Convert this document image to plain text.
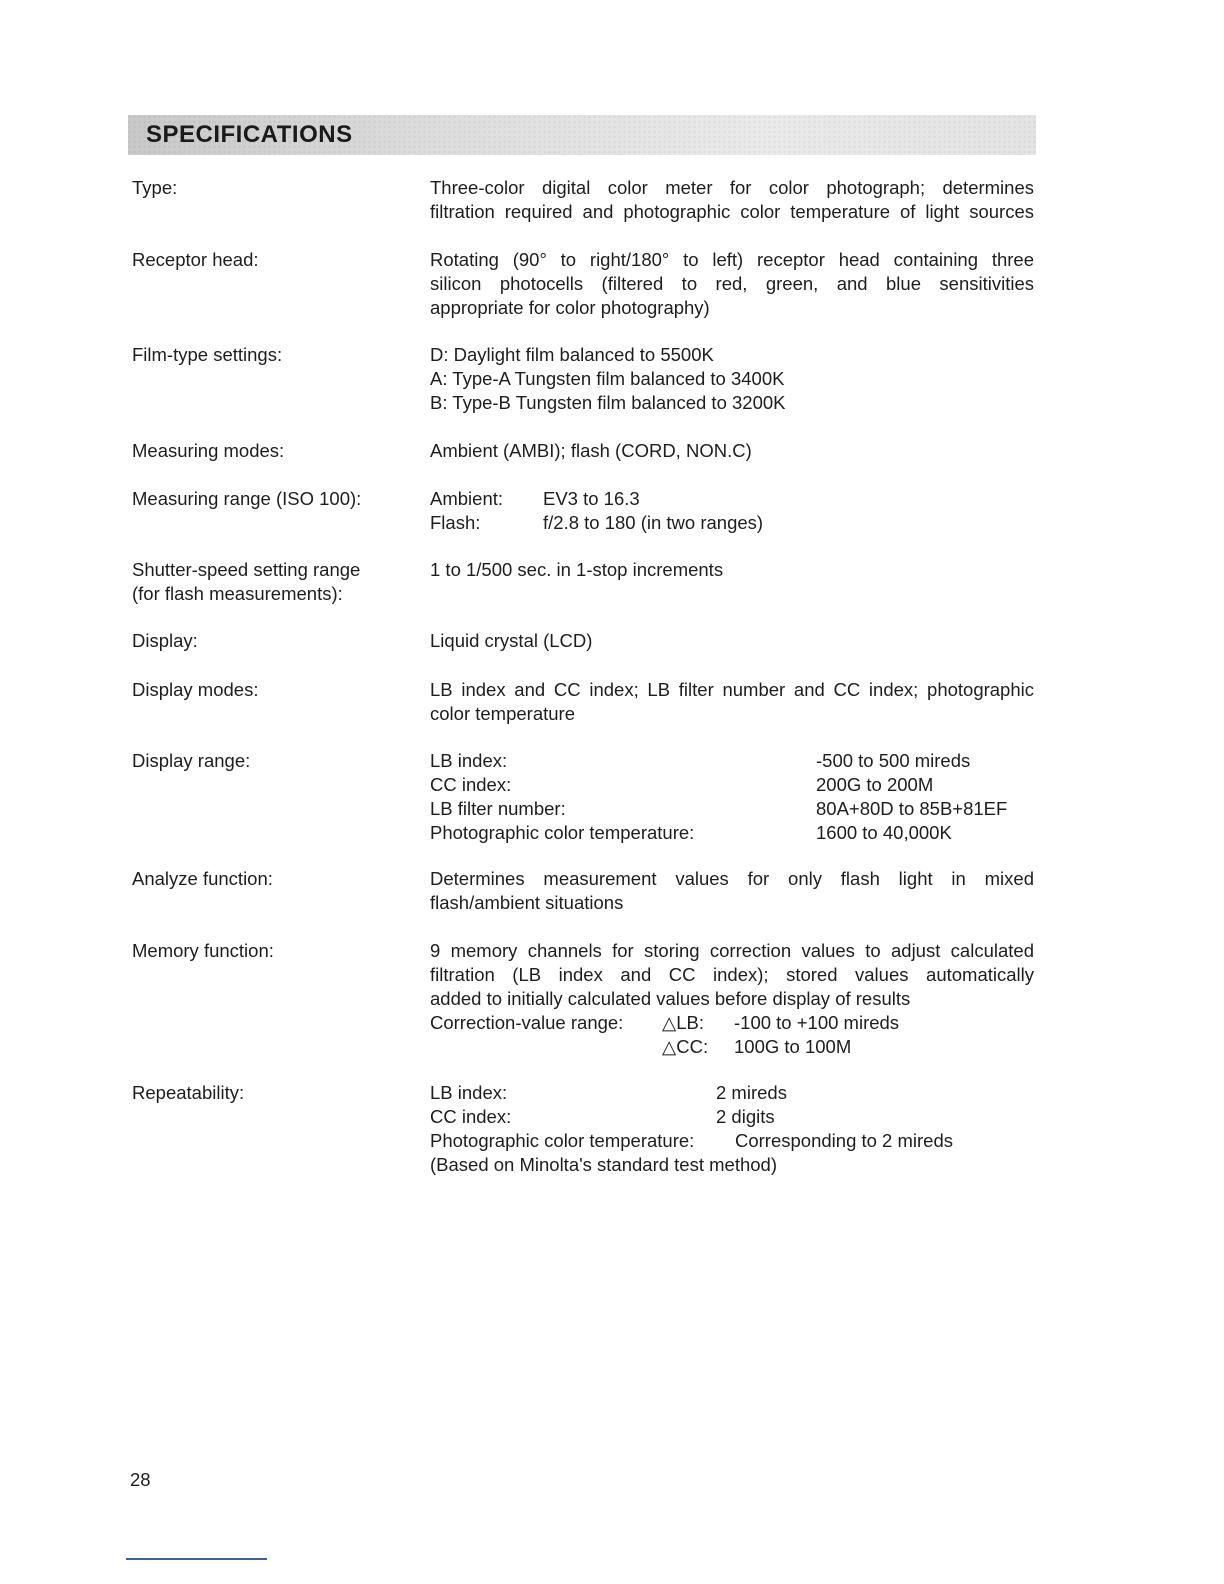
SPECIFICATIONS
Type:	Three-color digital color meter for color photograph; determines

filtration required and photographic color temperature of light sources

Receptor head:	Rotating (90° to right/180° to left) receptor head containing three

silicon photocells (filtered to red, green, and blue sensitivities

appropriate for color photography)

Film-type settings:	D: Daylight film balanced to 5500K

A: Type-A Tungsten film balanced to 3400K

B: Type-B Tungsten film balanced to 3200K

Measuring modes:	Ambient (AMBI); flash (CORD, NON.C)
Measuring range (ISO 100):	Ambient: EV3 to 16.3
Flash:	f/2.8 to 180 (in two ranges)
Shutter-speed setting range
(for flash measurements):
1 to 1/500 sec. in 1-stop increments
Display:	Liquid crystal (LCD)
Display modes:	LB index and CC index; LB filter number and CC index; photographic

color temperature

Display range:	LB index:	-500 to 500 mireds
CC index:	200G to 200M
LB filter number:	80A+80D to 85B+81EF
Photographic color temperature:	1600 to 40,000K
Analyze function:	Determines measurement values for only flash light in mixed

flash/ambient situations

Memory function:	9 memory channels for storing correction values to adjust calculated

filtration (LB index and CC index); stored values automatically

added to initially calculated values before display of results

Correction-value range: △LB: -100 to +100 mireds
△CC: 100G to 100M
Repeatability:	LB index:	2 mireds
CC index:	2 digits
Photographic color temperature: Corresponding to 2 mireds

(Based on Minolta's standard test method)

28
